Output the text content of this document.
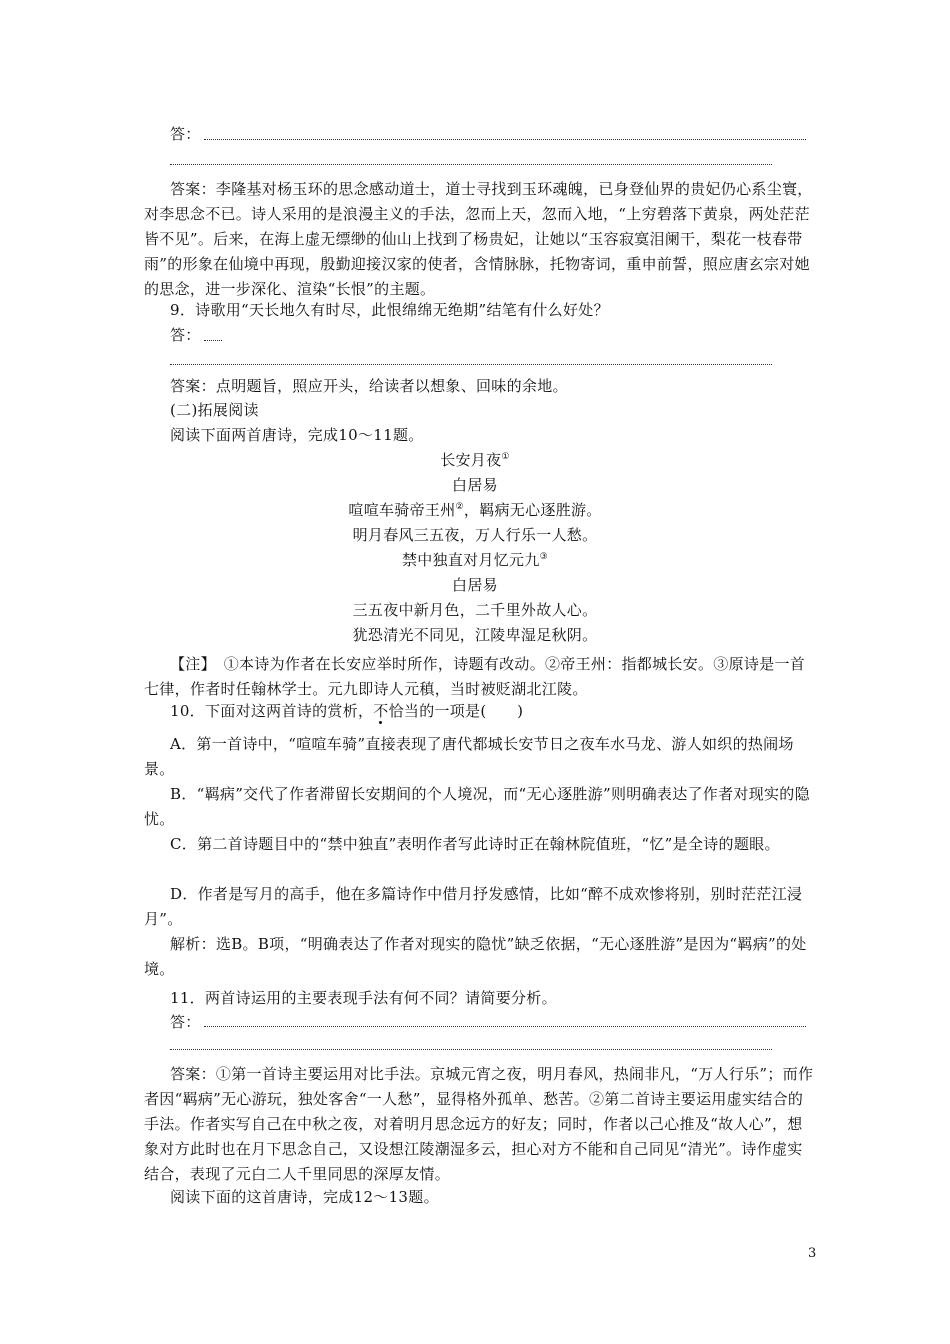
答：
答案：李隆基对杨玉环的思念感动道士，道士寻找到玉环魂魄，已身登仙界的贵妃仍心系尘寰，对李思念不已。诗人采用的是浪漫主义的手法，忽而上天，忽而入地，“上穷碧落下黄泉，两处茫茫皆不见”。后来，在海上虚无缥缈的仙山上找到了杨贵妃，让她以“玉容寂寞泪阑干，梨花一枝春带雨”的形象在仙境中再现，殷勤迎接汉家的使者，含情脉脉，托物寄词，重申前誓，照应唐玄宗对她的思念，进一步深化、渲染“长恨”的主题。
9．诗歌用“天长地久有时尽，此恨绵绵无绝期”结笔有什么好处？
答：
答案：点明题旨，照应开头，给读者以想象、回味的余地。
(二)拓展阅读
阅读下面两首唐诗，完成10～11题。
长安月夜①
白居易
喧喧车骑帝王州②，羁病无心逐胜游。
明月春风三五夜，万人行乐一人愁。
禁中独直对月忆元九③
白居易
三五夜中新月色，二千里外故人心。
犹恐清光不同见，江陵卑湿足秋阴。
【注】　①本诗为作者在长安应举时所作，诗题有改动。②帝王州：指都城长安。③原诗是一首七律，作者时任翰林学士。元九即诗人元稹，当时被贬湖北江陵。
10．下面对这两首诗的赏析，不恰当的一项是(　　)
A．第一首诗中，“喧喧车骑”直接表现了唐代都城长安节日之夜车水马龙、游人如织的热闹场景。
B．“羁病”交代了作者滞留长安期间的个人境况，而“无心逐胜游”则明确表达了作者对现实的隐忧。
C．第二首诗题目中的“禁中独直”表明作者写此诗时正在翰林院值班，“忆”是全诗的题眼。
D．作者是写月的高手，他在多篇诗作中借月抒发感情，比如“醉不成欢惨将别，别时茫茫江浸月”。
解析：选B。B项，“明确表达了作者对现实的隐忧”缺乏依据，“无心逐胜游”是因为“羁病”的处境。
11．两首诗运用的主要表现手法有何不同？请简要分析。
答：
答案：①第一首诗主要运用对比手法。京城元宵之夜，明月春风，热闹非凡，“万人行乐”；而作者因“羁病”无心游玩，独处客舍“一人愁”，显得格外孤单、愁苦。②第二首诗主要运用虚实结合的手法。作者实写自己在中秋之夜，对着明月思念远方的好友；同时，作者以己心推及“故人心”，想象对方此时也在月下思念自己，又设想江陵潮湿多云，担心对方不能和自己同见“清光”。诗作虚实结合，表现了元白二人千里同思的深厚友情。
阅读下面的这首唐诗，完成12～13题。
3
